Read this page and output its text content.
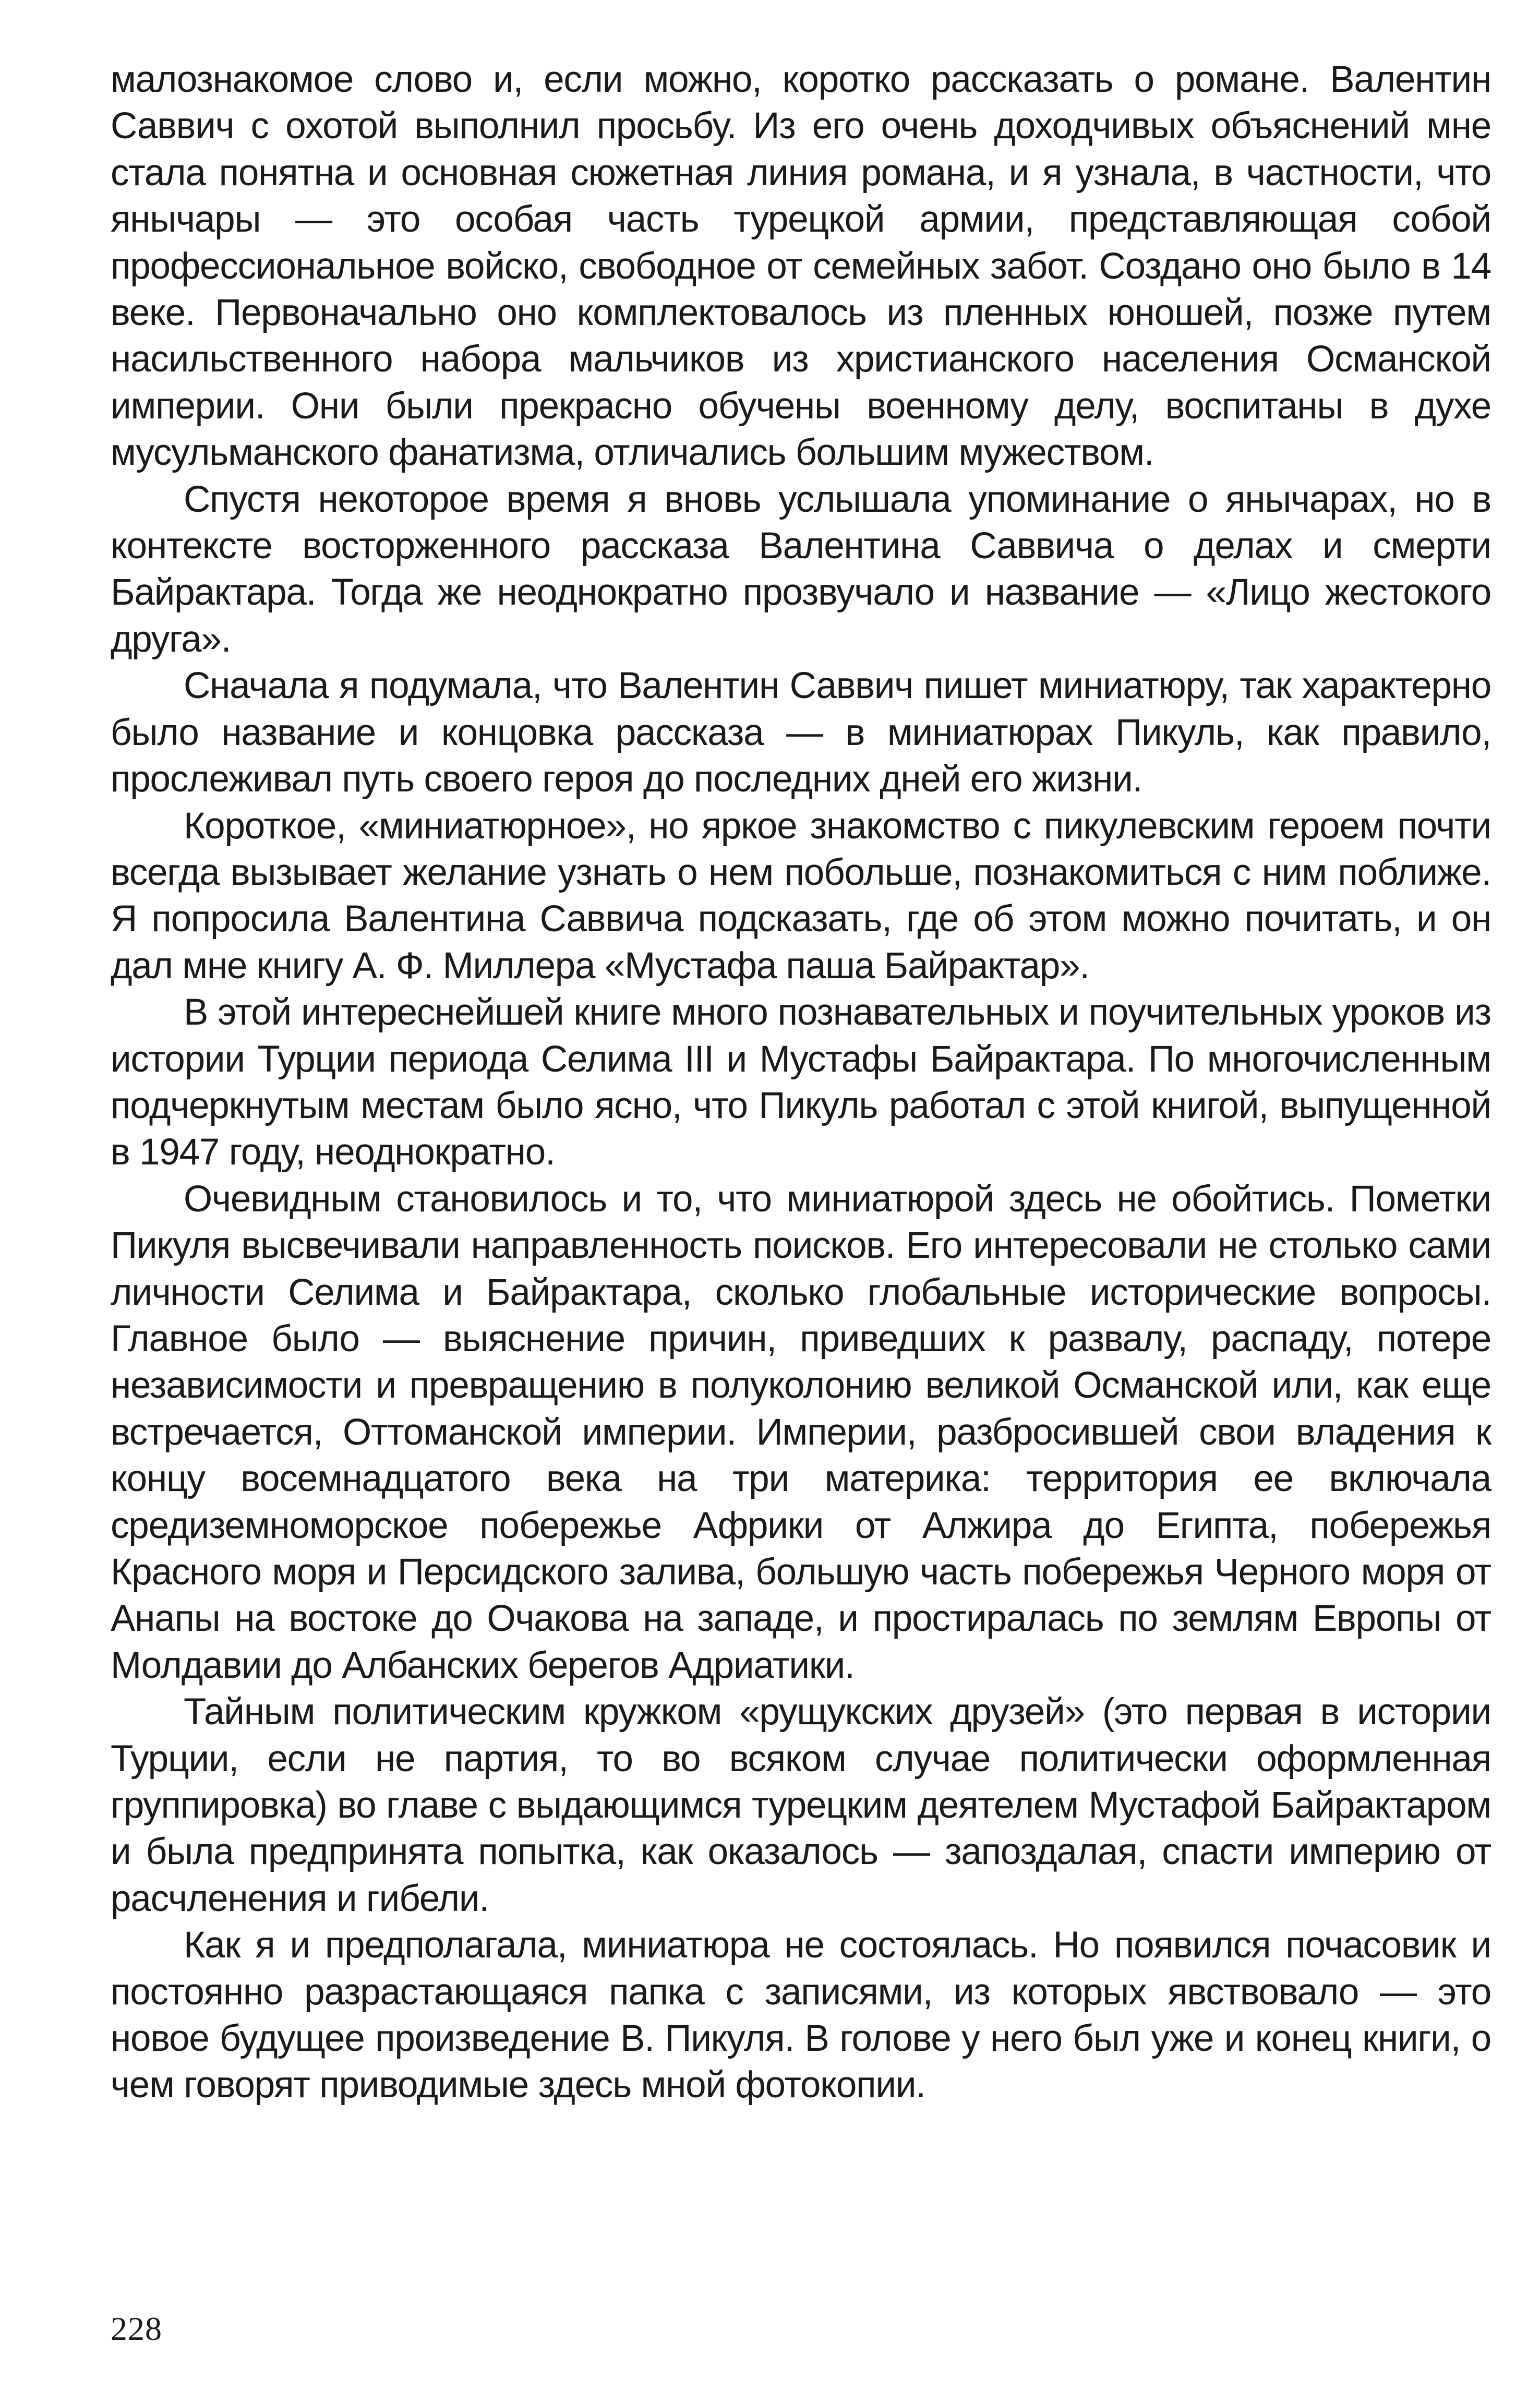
малознакомое слово и, если можно, коротко рассказать о романе. Валентин Саввич с охотой выполнил просьбу. Из его очень доходчивых объяснений мне стала понятна и основная сюжетная линия романа, и я узнала, в частности, что янычары — это особая часть турецкой армии, представляющая собой профессиональное войско, свободное от семейных забот. Создано оно было в 14 веке. Первоначально оно комплектовалось из пленных юношей, позже путем насильственного набора мальчиков из христианского населения Османской империи. Они были прекрасно обучены военному делу, воспитаны в духе мусульманского фанатизма, отличались большим мужеством.

Спустя некоторое время я вновь услышала упоминание о янычарах, но в контексте восторженного рассказа Валентина Саввича о делах и смерти Байрактара. Тогда же неоднократно прозвучало и название — «Лицо жестокого друга».

Сначала я подумала, что Валентин Саввич пишет миниатюру, так характерно было название и концовка рассказа — в миниатюрах Пикуль, как правило, прослеживал путь своего героя до последних дней его жизни.

Короткое, «миниатюрное», но яркое знакомство с пикулевским героем почти всегда вызывает желание узнать о нем побольше, познакомиться с ним поближе. Я попросила Валентина Саввича подсказать, где об этом можно почитать, и он дал мне книгу А. Ф. Миллера «Мустафа паша Байрактар».

В этой интереснейшей книге много познавательных и поучительных уроков из истории Турции периода Селима III и Мустафы Байрактара. По многочисленным подчеркнутым местам было ясно, что Пикуль работал с этой книгой, выпущенной в 1947 году, неоднократно.

Очевидным становилось и то, что миниатюрой здесь не обойтись. Пометки Пикуля высвечивали направленность поисков. Его интересовали не столько сами личности Селима и Байрактара, сколько глобальные исторические вопросы. Главное было — выяснение причин, приведших к развалу, распаду, потере независимости и превращению в полуколонию великой Османской или, как еще встречается, Оттоманской империи. Империи, разбросившей свои владения к концу восемнадцатого века на три материка: территория ее включала средиземноморское побережье Африки от Алжира до Египта, побережья Красного моря и Персидского залива, большую часть побережья Черного моря от Анапы на востоке до Очакова на западе, и простиралась по землям Европы от Молдавии до Албанских берегов Адриатики.

Тайным политическим кружком «рущукских друзей» (это первая в истории Турции, если не партия, то во всяком случае политически оформленная группировка) во главе с выдающимся турецким деятелем Мустафой Байрактаром и была предпринята попытка, как оказалось — запоздалая, спасти империю от расчленения и гибели.

Как я и предполагала, миниатюра не состоялась. Но появился почасовик и постоянно разрастающаяся папка с записями, из которых явствовало — это новое будущее произведение В. Пикуля. В голове у него был уже и конец книги, о чем говорят приводимые здесь мной фотокопии.

228
